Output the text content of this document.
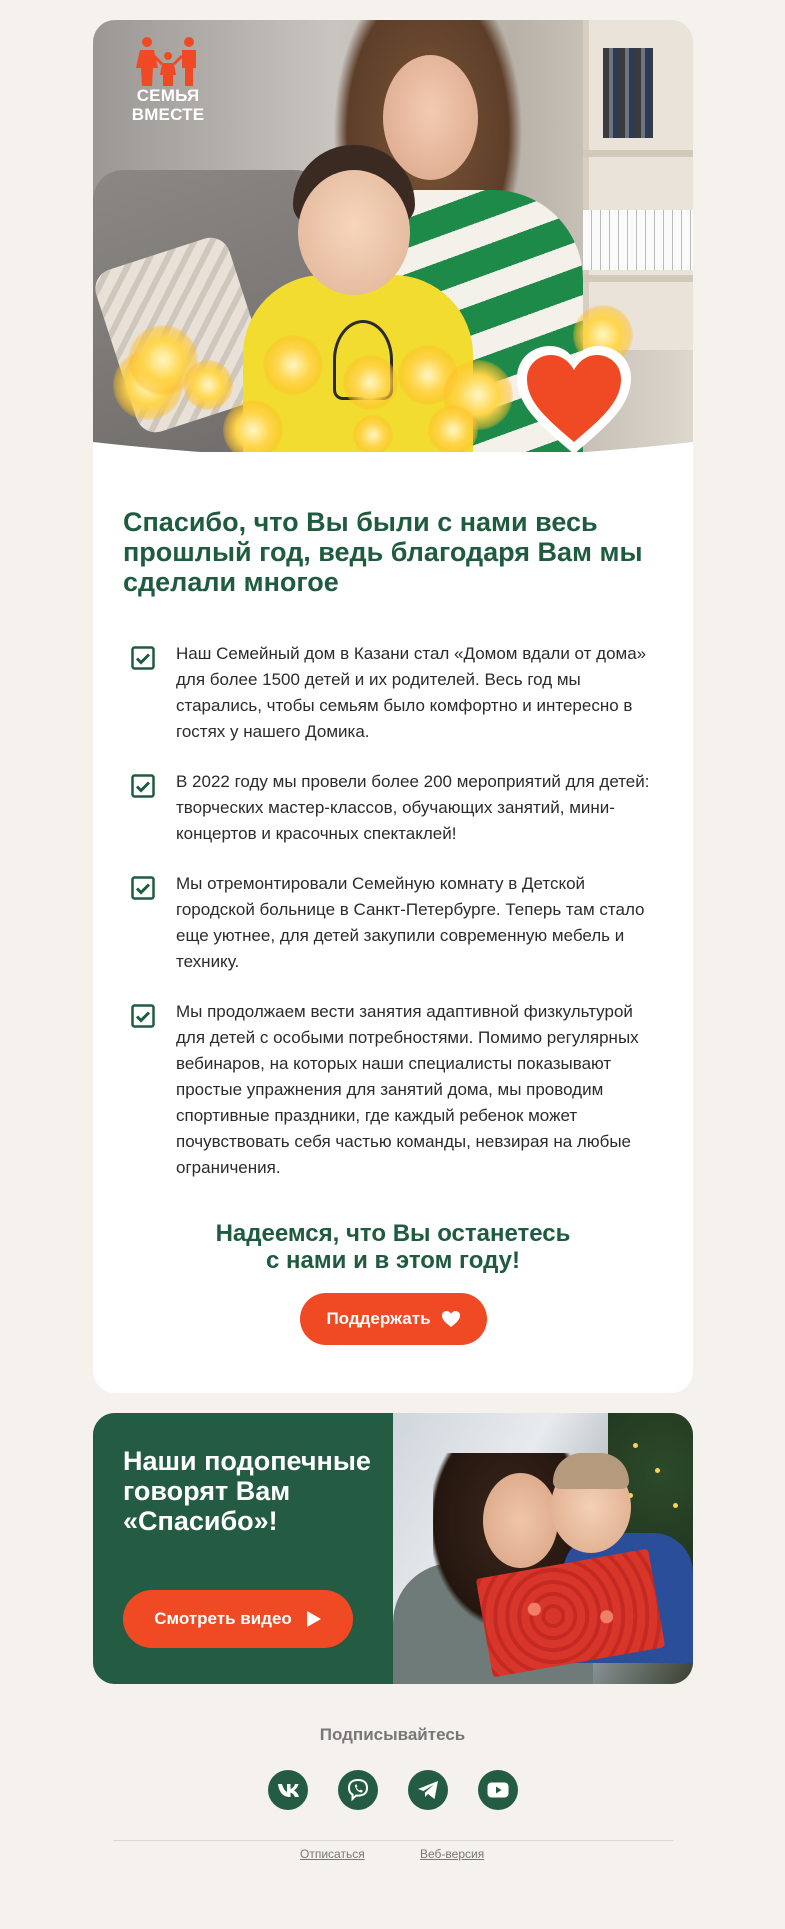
СЕМЬЯ
ВМЕСТЕ
Спасибо, что Вы были с нами весь прошлый год, ведь благодаря Вам мы сделали многое
Наш Семейный дом в Казани стал «Домом вдали от дома» для более 1500 детей и их родителей. Весь год мы старались, чтобы семьям было комфортно и интересно в гостях у нашего Домика.
В 2022 году мы провели более 200 мероприятий для детей: творческих мастер-классов, обучающих занятий, мини-концертов и красочных спектаклей!
Мы отремонтировали Семейную комнату в Детской городской больнице в Санкт-Петербурге. Теперь там стало еще уютнее, для детей закупили современную мебель и технику.
Мы продолжаем вести занятия адаптивной физкультурой для детей с особыми потребностями. Помимо регулярных вебинаров, на которых наши специалисты показывают простые упражнения для занятий дома, мы проводим спортивные праздники, где каждый ребенок может почувствовать себя частью команды, невзирая на любые ограничения.
Надеемся, что Вы останетесь
с нами и в этом году!
Поддержать
Наши подопечные говорят Вам «Спасибо»!
Смотреть видео
Подписывайтесь
Отписаться	Веб-версия
